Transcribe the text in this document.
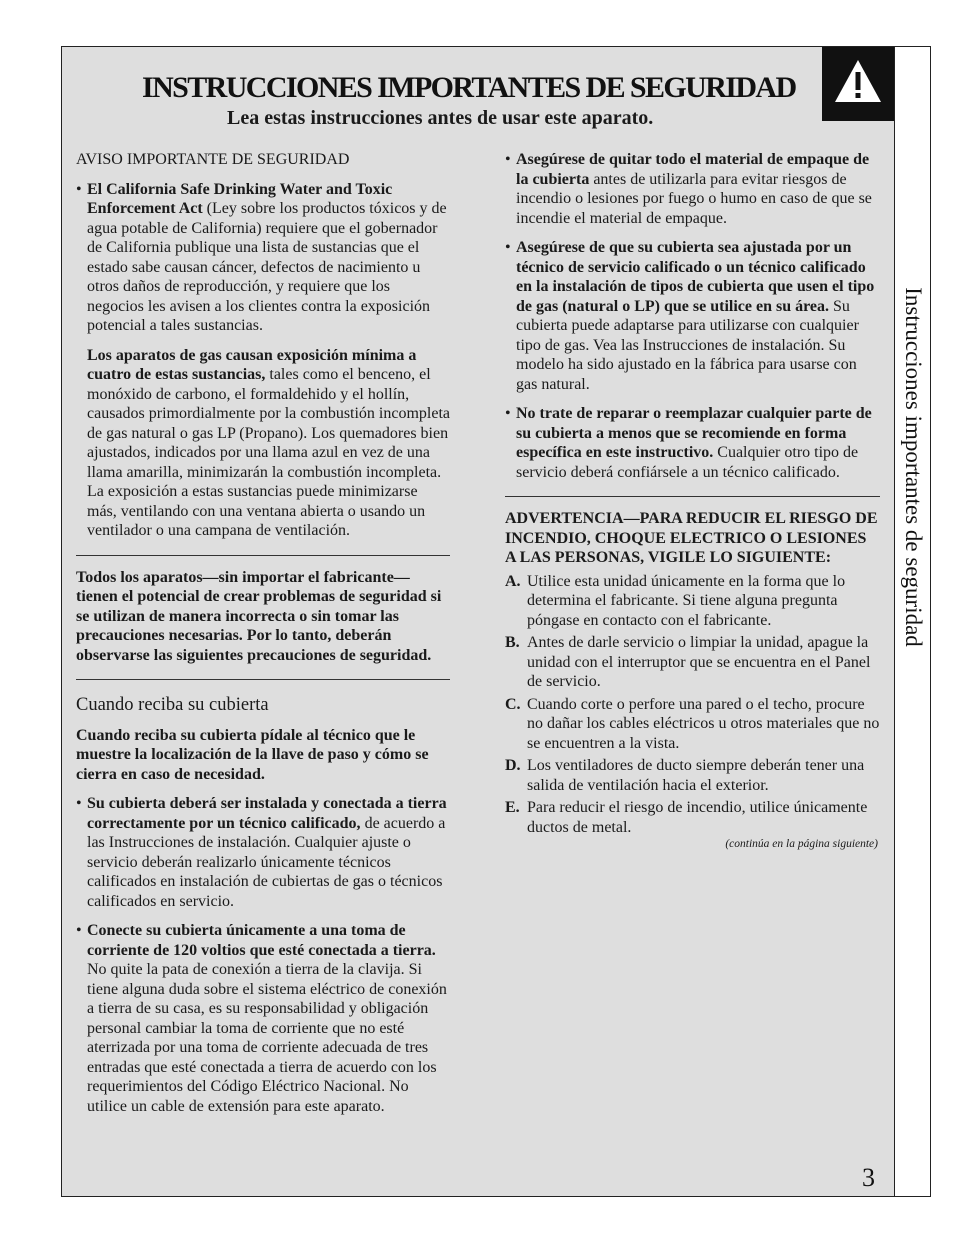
INSTRUCCIONES IMPORTANTES DE SEGURIDAD
Lea estas instrucciones antes de usar este aparato.

AVISO IMPORTANTE DE SEGURIDAD

• El California Safe Drinking Water and Toxic Enforcement Act (Ley sobre los productos tóxicos y de agua potable de California) requiere que el gobernador de California publique una lista de sustancias que el estado sabe causan cáncer, defectos de nacimiento u otros daños de reproducción, y requiere que los negocios les avisen a los clientes contra la exposición potencial a tales sustancias.

Los aparatos de gas causan exposición mínima a cuatro de estas sustancias, tales como el benceno, el monóxido de carbono, el formaldehido y el hollín, causados primordialmente por la combustión incompleta de gas natural o gas LP (Propano). Los quemadores bien ajustados, indicados por una llama azul en vez de una llama amarilla, minimizarán la combustión incompleta. La exposición a estas sustancias puede minimizarse más, ventilando con una ventana abierta o usando un ventilador o una campana de ventilación.

Todos los aparatos—sin importar el fabricante—tienen el potencial de crear problemas de seguridad si se utilizan de manera incorrecta o sin tomar las precauciones necesarias. Por lo tanto, deberán observarse las siguientes precauciones de seguridad.

Cuando reciba su cubierta

Cuando reciba su cubierta pídale al técnico que le muestre la localización de la llave de paso y cómo se cierra en caso de necesidad.

• Su cubierta deberá ser instalada y conectada a tierra correctamente por un técnico calificado, de acuerdo a las Instrucciones de instalación. Cualquier ajuste o servicio deberán realizarlo únicamente técnicos calificados en instalación de cubiertas de gas o técnicos calificados en servicio.

• Conecte su cubierta únicamente a una toma de corriente de 120 voltios que esté conectada a tierra. No quite la pata de conexión a tierra de la clavija. Si tiene alguna duda sobre el sistema eléctrico de conexión a tierra de su casa, es su responsabilidad y obligación personal cambiar la toma de corriente que no esté aterrizada por una toma de corriente adecuada de tres entradas que esté conectada a tierra de acuerdo con los requerimientos del Código Eléctrico Nacional. No utilice un cable de extensión para este aparato.

• Asegúrese de quitar todo el material de empaque de la cubierta antes de utilizarla para evitar riesgos de incendio o lesiones por fuego o humo en caso de que se incendie el material de empaque.

• Asegúrese de que su cubierta sea ajustada por un técnico de servicio calificado o un técnico calificado en la instalación de tipos de cubierta que usen el tipo de gas (natural o LP) que se utilice en su área. Su cubierta puede adaptarse para utilizarse con cualquier tipo de gas. Vea las Instrucciones de instalación. Su modelo ha sido ajustado en la fábrica para usarse con gas natural.

• No trate de reparar o reemplazar cualquier parte de su cubierta a menos que se recomiende en forma específica en este instructivo. Cualquier otro tipo de servicio deberá confiársele a un técnico calificado.

ADVERTENCIA—PARA REDUCIR EL RIESGO DE INCENDIO, CHOQUE ELECTRICO O LESIONES A LAS PERSONAS, VIGILE LO SIGUIENTE:

A. Utilice esta unidad únicamente en la forma que lo determina el fabricante. Si tiene alguna pregunta póngase en contacto con el fabricante.

B. Antes de darle servicio o limpiar la unidad, apague la unidad con el interruptor que se encuentra en el Panel de servicio.

C. Cuando corte o perfore una pared o el techo, procure no dañar los cables eléctricos u otros materiales que no se encuentren a la vista.

D. Los ventiladores de ducto siempre deberán tener una salida de ventilación hacia el exterior.

E. Para reducir el riesgo de incendio, utilice únicamente ductos de metal.

(continúa en la página siguiente)

3
Instrucciones importantes de seguridad
